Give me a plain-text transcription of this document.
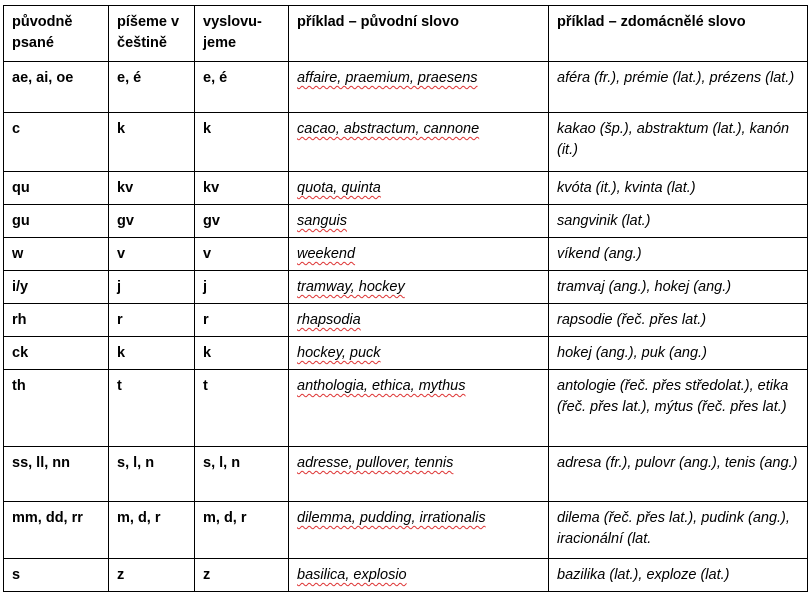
původně psané	píšeme v češtině	vyslovu-jeme	příklad – původní slovo	příklad – zdomácnělé slovo
ae, ai, oe	e, é	e, é	affaire, praemium, praesens	aféra (fr.), prémie (lat.), prézens (lat.)
c	k	k	cacao, abstractum, cannone	kakao (šp.), abstraktum (lat.), kanón (it.)
qu	kv	kv	quota, quinta	kvóta (it.), kvinta (lat.)
gu	gv	gv	sanguis	sangvinik (lat.)
w	v	v	weekend	víkend (ang.)
i/y	j	j	tramway, hockey	tramvaj (ang.), hokej (ang.)
rh	r	r	rhapsodia	rapsodie (řeč. přes lat.)
ck	k	k	hockey, puck	hokej (ang.), puk (ang.)
th	t	t	anthologia, ethica, mythus	antologie (řeč. přes středolat.), etika (řeč. přes lat.), mýtus (řeč. přes lat.)
ss, ll, nn	s, l, n	s, l, n	adresse, pullover, tennis	adresa (fr.), pulovr (ang.), tenis (ang.)
mm, dd, rr	m, d, r	m, d, r	dilemma, pudding, irrationalis	dilema (řeč. přes lat.), pudink (ang.), iracionální (lat.
s	z	z	basilica, explosio	bazilika (lat.), exploze (lat.)
